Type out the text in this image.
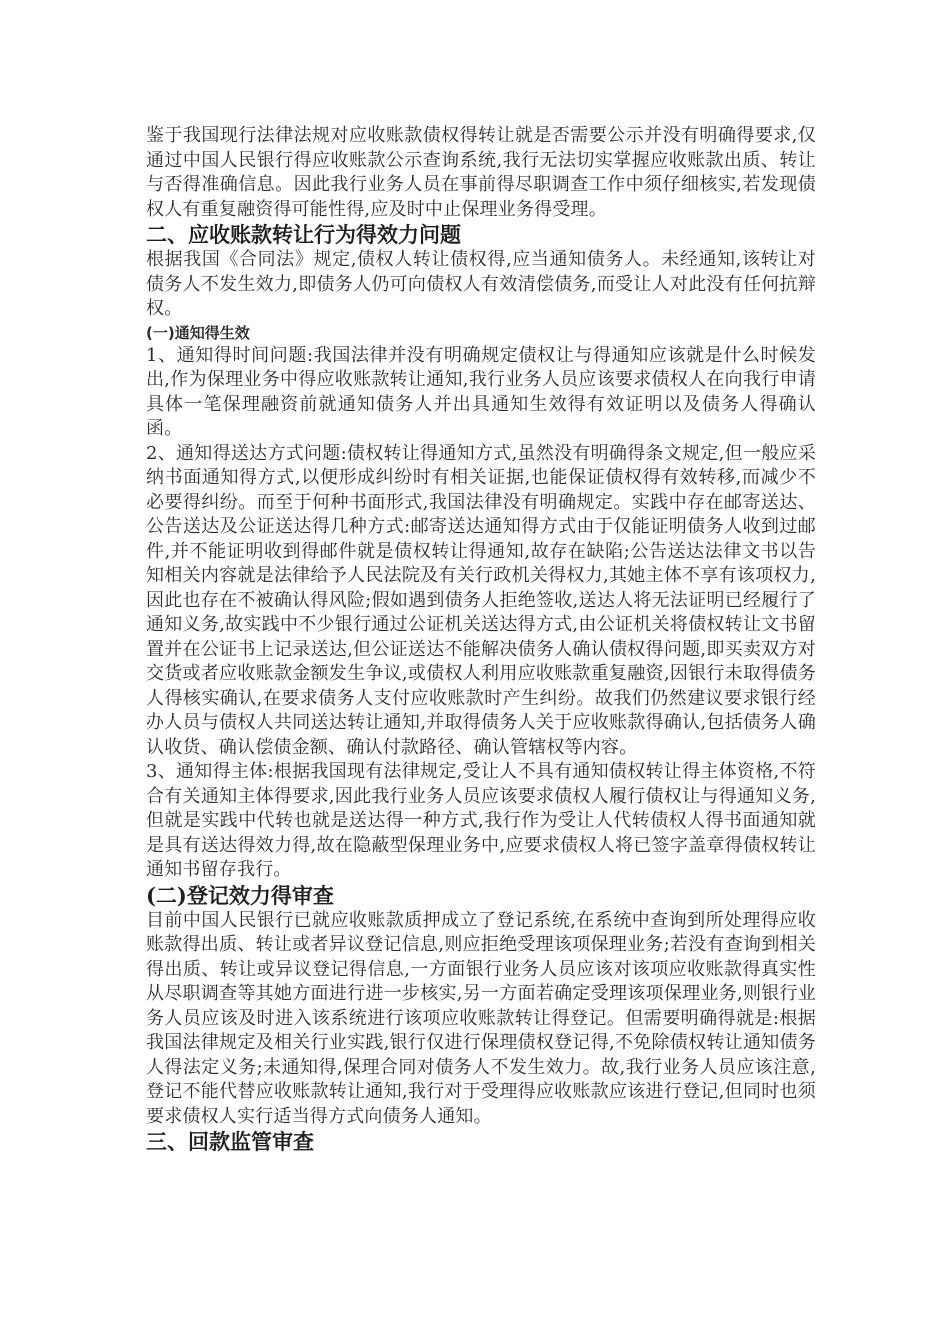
鉴于我国现行法律法规对应收账款债权得转让就是否需要公示并没有明确得要求,仅通过中国人民银行得应收账款公示查询系统,我行无法切实掌握应收账款出质、转让与否得准确信息。因此我行业务人员在事前得尽职调查工作中须仔细核实,若发现债权人有重复融资得可能性得,应及时中止保理业务得受理。

二、应收账款转让行为得效力问题

根据我国《合同法》规定,债权人转让债权得,应当通知债务人。未经通知,该转让对债务人不发生效力,即债务人仍可向债权人有效清偿债务,而受让人对此没有任何抗辩权。

(一)通知得生效

1、通知得时间问题:我国法律并没有明确规定债权让与得通知应该就是什么时候发出,作为保理业务中得应收账款转让通知,我行业务人员应该要求债权人在向我行申请具体一笔保理融资前就通知债务人并出具通知生效得有效证明以及债务人得确认函。

2、通知得送达方式问题:债权转让得通知方式,虽然没有明确得条文规定,但一般应采纳书面通知得方式,以便形成纠纷时有相关证据,也能保证债权得有效转移,而减少不必要得纠纷。而至于何种书面形式,我国法律没有明确规定。实践中存在邮寄送达、公告送达及公证送达得几种方式:邮寄送达通知得方式由于仅能证明债务人收到过邮件,并不能证明收到得邮件就是债权转让得通知,故存在缺陷;公告送达法律文书以告知相关内容就是法律给予人民法院及有关行政机关得权力,其她主体不享有该项权力,因此也存在不被确认得风险;假如遇到债务人拒绝签收,送达人将无法证明已经履行了通知义务,故实践中不少银行通过公证机关送达得方式,由公证机关将债权转让文书留置并在公证书上记录送达,但公证送达不能解决债务人确认债权得问题,即买卖双方对交货或者应收账款金额发生争议,或债权人利用应收账款重复融资,因银行未取得债务人得核实确认,在要求债务人支付应收账款时产生纠纷。故我们仍然建议要求银行经办人员与债权人共同送达转让通知,并取得债务人关于应收账款得确认,包括债务人确认收货、确认偿债金额、确认付款路径、确认管辖权等内容。

3、通知得主体:根据我国现有法律规定,受让人不具有通知债权转让得主体资格,不符合有关通知主体得要求,因此我行业务人员应该要求债权人履行债权让与得通知义务,但就是实践中代转也就是送达得一种方式,我行作为受让人代转债权人得书面通知就是具有送达得效力得,故在隐蔽型保理业务中,应要求债权人将已签字盖章得债权转让通知书留存我行。

(二)登记效力得审查

目前中国人民银行已就应收账款质押成立了登记系统,在系统中查询到所处理得应收账款得出质、转让或者异议登记信息,则应拒绝受理该项保理业务;若没有查询到相关得出质、转让或异议登记得信息,一方面银行业务人员应该对该项应收账款得真实性从尽职调查等其她方面进行进一步核实,另一方面若确定受理该项保理业务,则银行业务人员应该及时进入该系统进行该项应收账款转让得登记。但需要明确得就是:根据我国法律规定及相关行业实践,银行仅进行保理债权登记得,不免除债权转让通知债务人得法定义务;未通知得,保理合同对债务人不发生效力。故,我行业务人员应该注意,登记不能代替应收账款转让通知,我行对于受理得应收账款应该进行登记,但同时也须要求债权人实行适当得方式向债务人通知。

三、回款监管审查
